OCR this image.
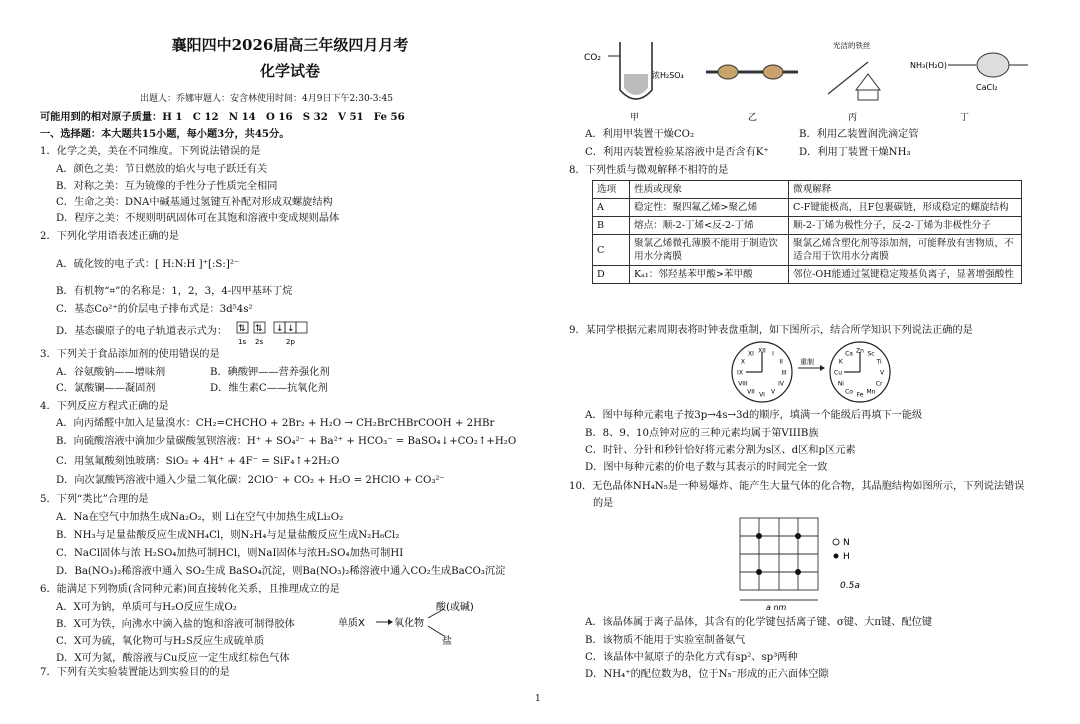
襄阳四中2026届高三年级四月月考
化学试卷
出题人：乔娜审题人：安含林使用时间：4月9日下午2:30-3:45
可能用到的相对原子质量：H 1　C 12　N 14　O 16　S 32　V 51　Fe 56
一、选择题：本大题共15小题，每小题3分，共45分。
1．化学之美，美在不同维度。下列说法错误的是
A．颜色之美：节日燃放的焰火与电子跃迁有关
B．对称之美：互为镜像的手性分子性质完全相同
C．生命之美：DNA中碱基通过氢键互补配对形成双螺旋结构
D．程序之美：不规则明矾固体可在其饱和溶液中变成规则晶体
2．下列化学用语表述正确的是
A．硫化铵的电子式：[ H:N:H ]⁺[:S:]²⁻
B．有机物“⌗”的名称是：1，2，3，4-四甲基环丁烷
C．基态Co²⁺的价层电子排布式是：3d⁵4s²
D．基态碳原子的电子轨道表示式为： ⇅ ⇅ ↓ ↓
1s 2s	2p
3．下列关于食品添加剂的使用错误的是
A．谷氨酸钠——增味剂	B．碘酸钾——营养强化剂
C．氯酸镧——凝固剂	D．维生素C——抗氧化剂
4．下列反应方程式正确的是
A．向丙烯醛中加入足量溴水：CH₂=CHCHO + 2Br₂ + H₂O → CH₂BrCHBrCOOH + 2HBr
B．向硫酸溶液中滴加少量碳酸氢钡溶液：H⁺ + SO₄²⁻ + Ba²⁺ + HCO₃⁻ = BaSO₄↓+CO₂↑+H₂O
C．用氢氟酸刻蚀玻璃：SiO₂ + 4H⁺ + 4F⁻ = SiF₄↑+2H₂O
D．向次氯酸钙溶液中通入少量二氧化碳：2ClO⁻ + CO₂ + H₂O = 2HClO + CO₃²⁻
5．下列“类比”合理的是
A．Na在空气中加热生成Na₂O₂，则 Li在空气中加热生成Li₂O₂
B．NH₃与足量盐酸反应生成NH₄Cl，则N₂H₄与足量盐酸反应生成N₂H₆Cl₂
C．NaCl固体与浓 H₂SO₄加热可制HCl，则NaI固体与浓H₂SO₄加热可制HI
D．Ba(NO₃)₂稀溶液中通入 SO₂生成 BaSO₄沉淀，则Ba(NO₃)₂稀溶液中通入CO₂生成BaCO₃沉淀
6．能满足下列物质(含同种元素)间直接转化关系，且推理成立的是
A．X可为钠，单质可与H₂O反应生成O₂
B．X可为铁，向沸水中滴入盐的饱和溶液可制得胶体
C．X可为硫，氧化物可与H₂S反应生成硫单质
D．X可为氮，酸溶液与Cu反应一定生成红棕色气体
单质X	氧化物
酸(或碱)
盐
7．下列有关实验装置能达到实验目的的是
CO₂
浓H₂SO₄
甲	乙
光洁的铁丝
丙
NH₃(H₂O)
CaCl₂
丁
A．利用甲装置干燥CO₂	B．利用乙装置润洗滴定管
C．利用丙装置检验某溶液中是否含有K⁺	D．利用丁装置干燥NH₃
8．下列性质与微观解释不相符的是
9．某同学根据元素周期表将时钟表盘重制，如下图所示，结合所学知识下列说法正确的是
A．图中每种元素电子按3p→4s→3d的顺序，填满一个能级后再填下一能级
B．8、9、10点钟对应的三种元素均属于第VIIIB族
C．时针、分针和秒针恰好将元素分割为s区、d区和p区元素
D．图中每种元素的价电子数与其表示的时间完全一致
10．无色晶体NH₄N₅是一种易爆炸、能产生大量气体的化合物，其晶胞结构如图所示，下列说法错误
的是
A．该晶体属于离子晶体，其含有的化学键包括离子键、σ键、大π键、配位键
B．该物质不能用于实验室制备氨气
C．该晶体中氮原子的杂化方式有sp²、sp³两种
D．NH₄⁺的配位数为8，位于N₅⁻形成的正六面体空隙
选项	性质或现象	微观解释
A	稳定性：聚四氟乙烯>聚乙烯	C-F键能极高，且F包裹碳链，形成稳定的螺旋结构
B	熔点：顺-2-丁烯<反-2-丁烯	顺-2-丁烯为极性分子，反-2-丁烯为非极性分子
C	聚氯乙烯微孔薄膜不能用于制造饮用水分离膜	聚氯乙烯含塑化剂等添加剂，可能释放有害物质，不适合用于饮用水分离膜
D	Kₐ₁：邻羟基苯甲酸>苯甲酸	邻位-OH能通过氢键稳定羧基负离子，显著增强酸性
XII I
II
III
IV
V
VI
VII
VIII
IX
X
XI	Zn Sc
Ti
V
Cr
Mn
Fe
Co
Ni
Cu
K
Ca
重制
N
H
0.5a
a nm
1
